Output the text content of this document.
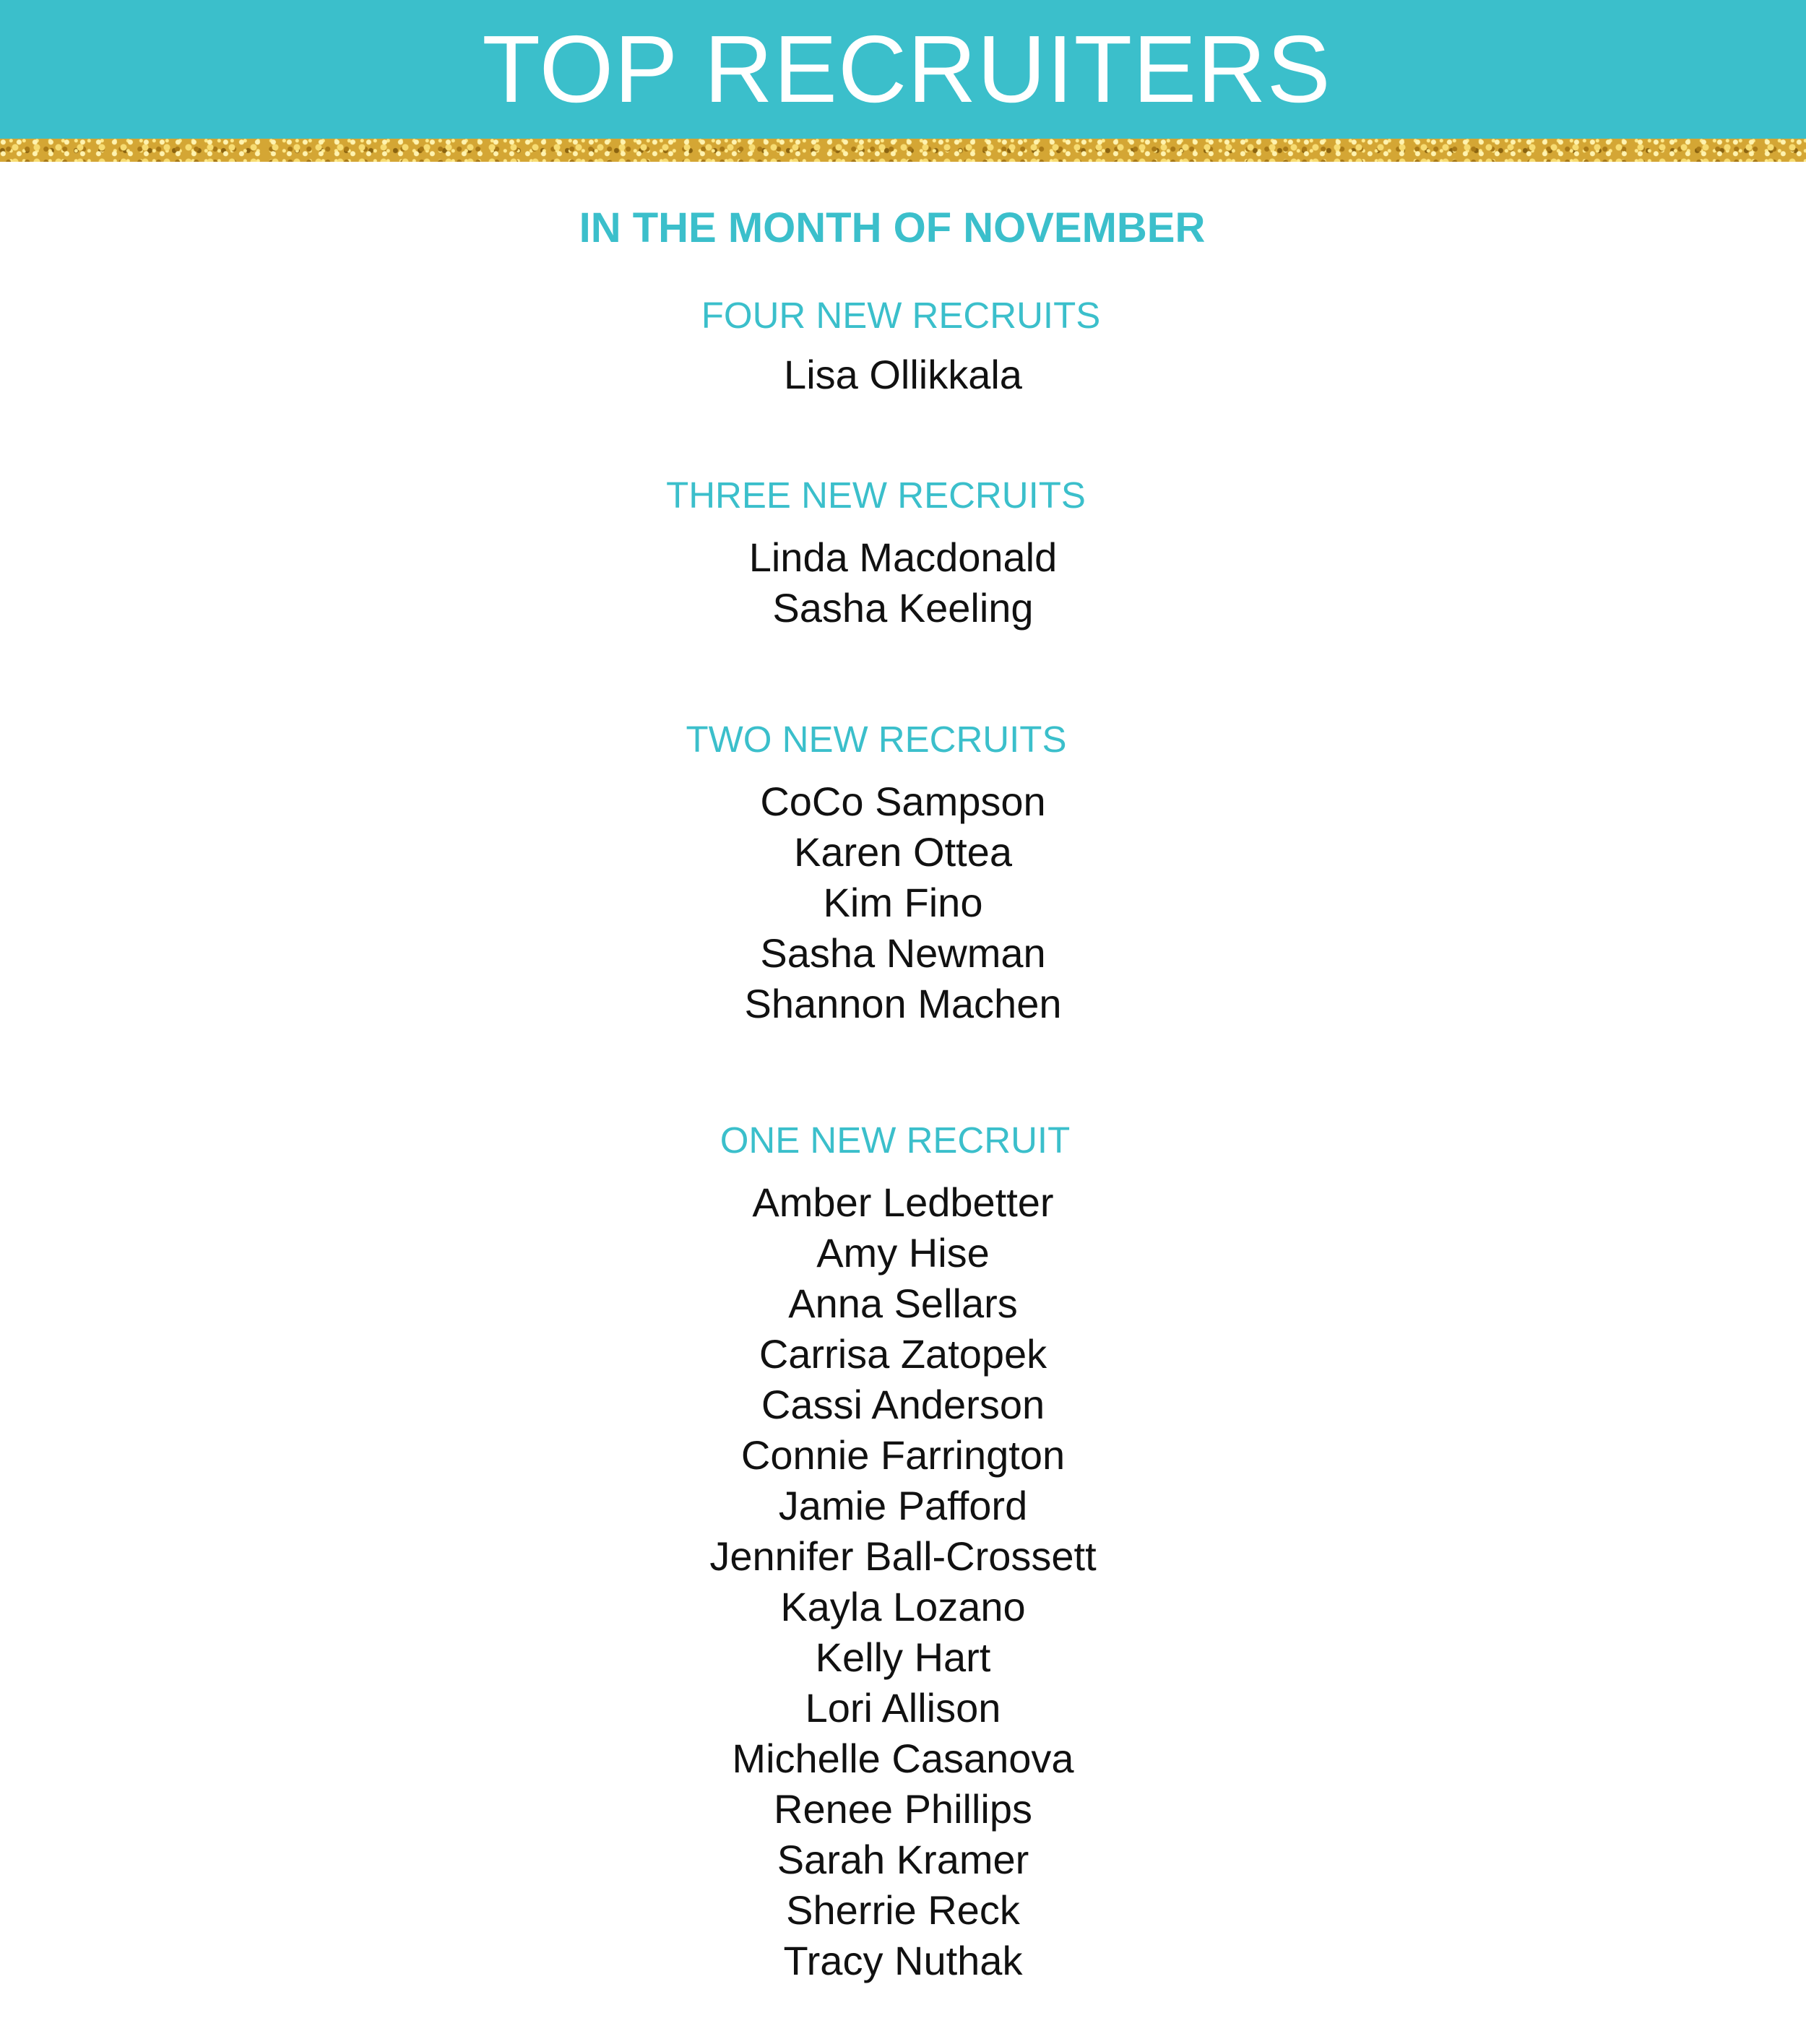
TOP RECRUITERS
IN THE MONTH OF NOVEMBER
FOUR NEW RECRUITS
Lisa Ollikkala
THREE NEW RECRUITS
Linda Macdonald
Sasha Keeling
TWO NEW RECRUITS
CoCo Sampson
Karen Ottea
Kim Fino
Sasha Newman
Shannon Machen
ONE NEW RECRUIT
Amber Ledbetter
Amy Hise
Anna Sellars
Carrisa Zatopek
Cassi Anderson
Connie Farrington
Jamie Pafford
Jennifer Ball-Crossett
Kayla Lozano
Kelly Hart
Lori Allison
Michelle Casanova
Renee Phillips
Sarah Kramer
Sherrie Reck
Tracy Nuthak
